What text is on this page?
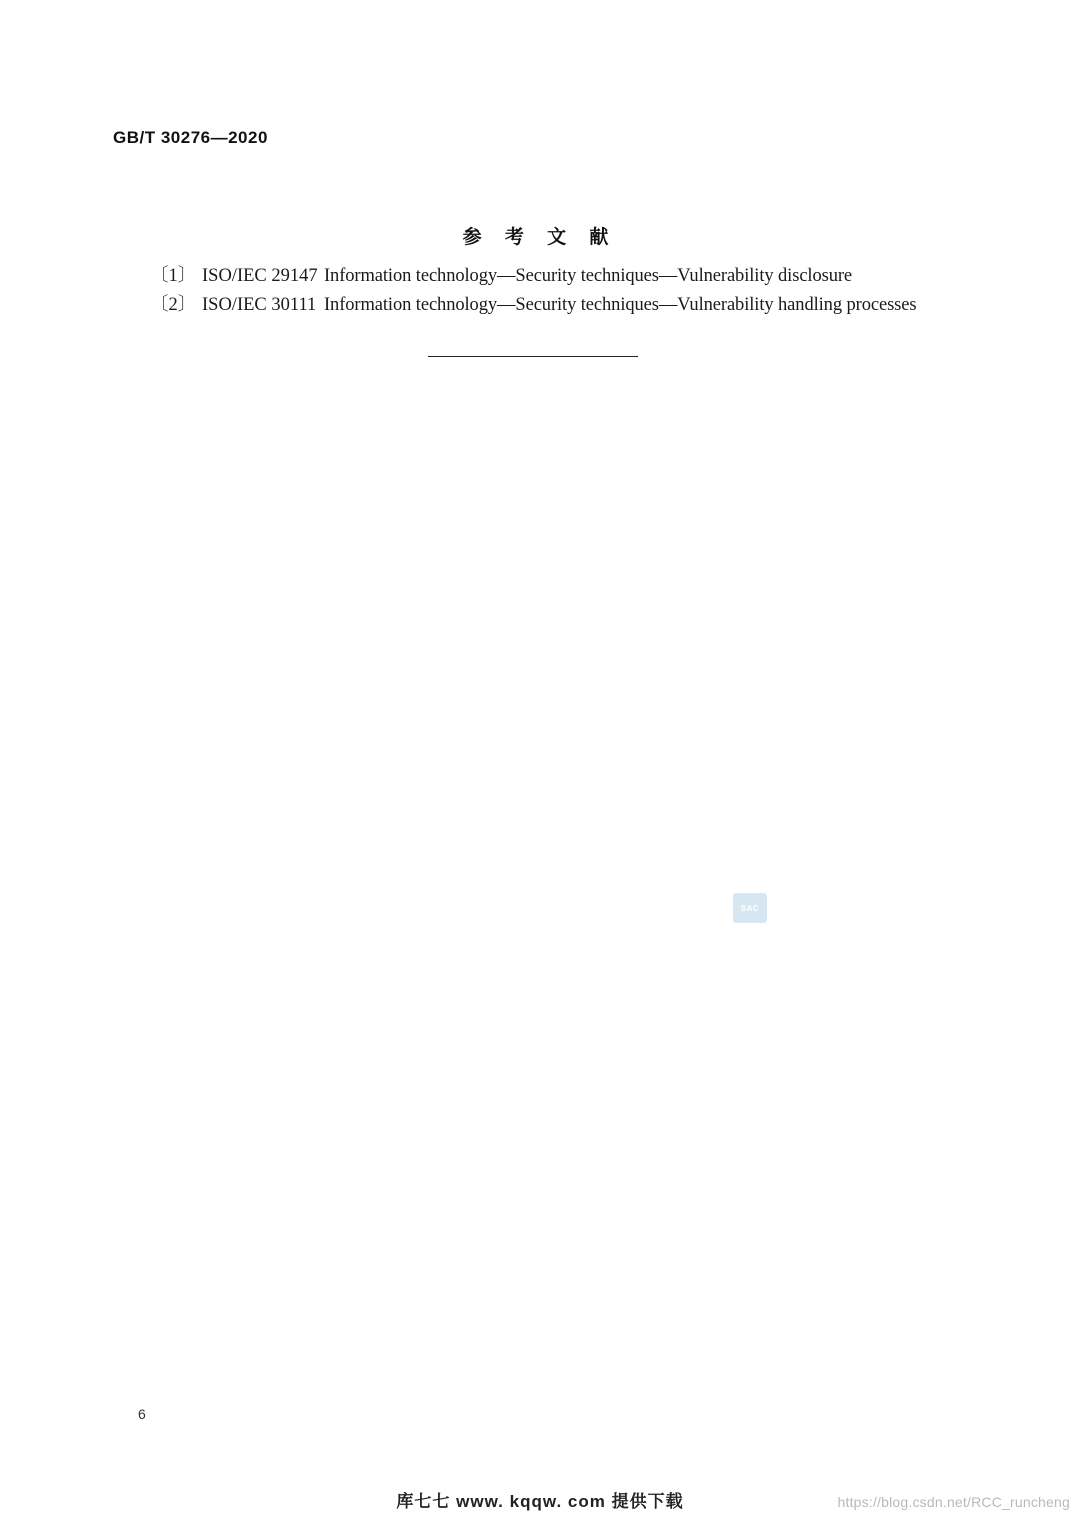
GB/T 30276—2020
参 考 文 献
〔1〕 ISO/IEC 29147 Information technology—Security techniques—Vulnerability disclosure
〔2〕 ISO/IEC 30111 Information technology—Security techniques—Vulnerability handling processes
SAC
6
库七七 www. kqqw. com 提供下载	https://blog.csdn.net/RCC_runcheng
